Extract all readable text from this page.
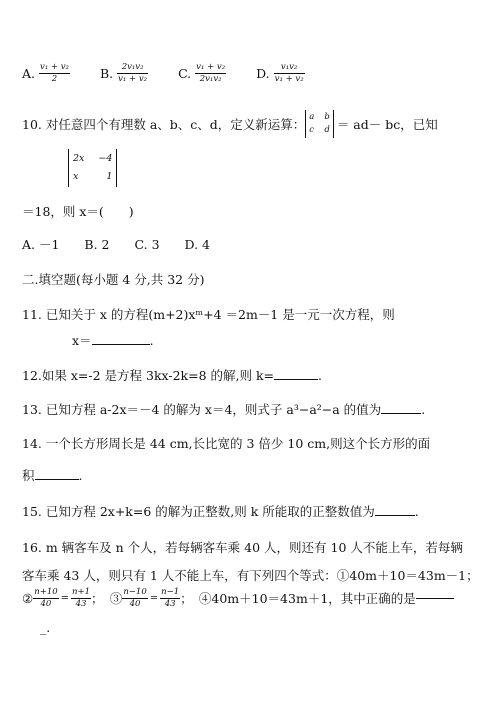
A. $\frac{\text{v₁ + v₂}}{2}$
B. $\frac{\text{2v₁v₂}}{\text{v₁ + v₂}}$
C. $\frac{\text{v₁ + v₂}}{\text{2v₁v₂}}$
D. $\frac{\text{v₁v₂}}{\text{v₁ + v₂}}$
10. 对任意四个有理数 a、b、c、d，定义新运算： a b
c d ＝ ad－ bc，已知
2x −4
x	1
＝18，则 x＝(　　)
A. －1　　B. 2　　C. 3　　D. 4
二.填空题(每小题 4 分,共 32 分)
11. 已知关于 x 的方程(m+2)xᵐ+4 ＝2m－1 是一元一次方程，则
x＝	.
12.如果 x=-2 是方程 3kx-2k=8 的解,则 k=	.
13. 已知方程 a-2x＝－4 的解为 x＝4，则式子 a³−a²−a 的值为	.
14. 一个长方形周长是 44 cm,长比宽的 3 倍少 10 cm,则这个长方形的面
积	.
15. 已知方程 2x+k=6 的解为正整数,则 k 所能取的正整数值为	.
16. m 辆客车及 n 个人，若每辆客车乘 40 人，则还有 10 人不能上车，若每辆
客车乘 43 人，则只有 1 人不能上车，有下列四个等式：①40m＋10＝43m－1；
② $\frac{n+10}{40} = \frac{n+1}{43}$ ；　③ $\frac{n-10}{40} = \frac{n-1}{43}$ ；　④40m＋10＝43m＋1，其中正确的是
_.
